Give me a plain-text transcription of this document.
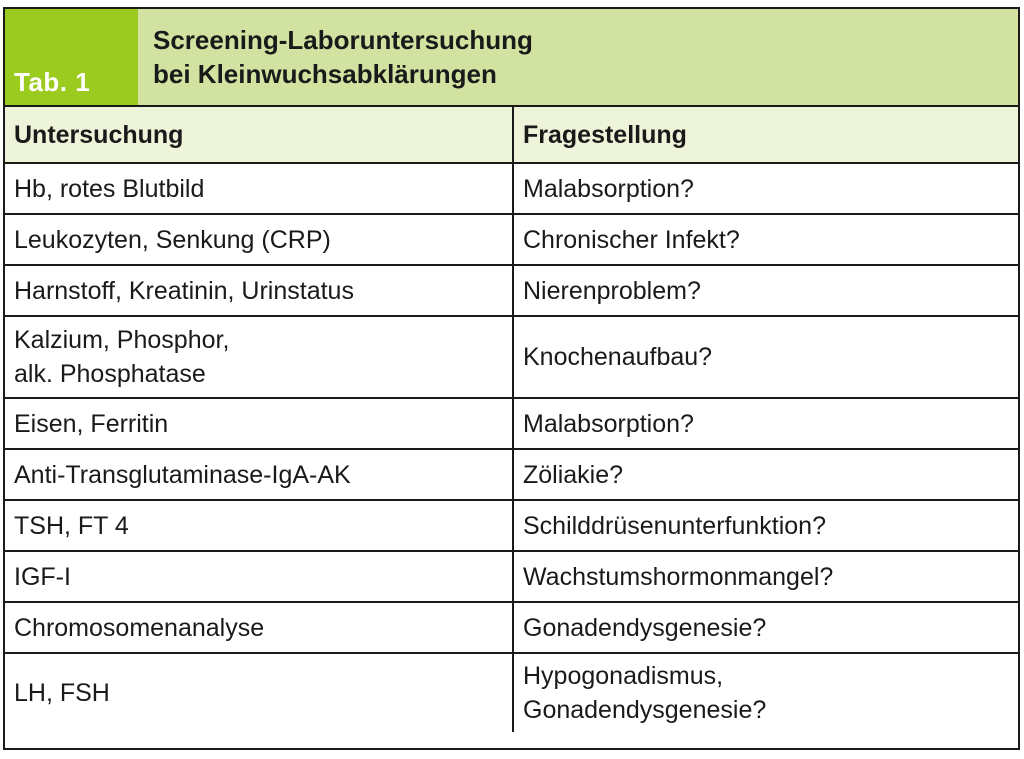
Tab. 1
Screening-Laboruntersuchung
bei Kleinwuchsabklärungen
Untersuchung	Fragestellung

Hb, rotes Blutbild	Malabsorption?

Leukozyten, Senkung (CRP)	Chronischer Infekt?

Harnstoff, Kreatinin, Urinstatus	Nierenproblem?

Kalzium, Phosphor,
alk. Phosphatase	Knochenaufbau?

Eisen, Ferritin	Malabsorption?

Anti-Transglutaminase-IgA-AK	Zöliakie?

TSH, FT 4	Schilddrüsenunterfunktion?

IGF-I	Wachstumshormonmangel?

Chromosomenanalyse	Gonadendysgenesie?

LH, FSH	Hypogonadismus,
Gonadendysgenesie?
